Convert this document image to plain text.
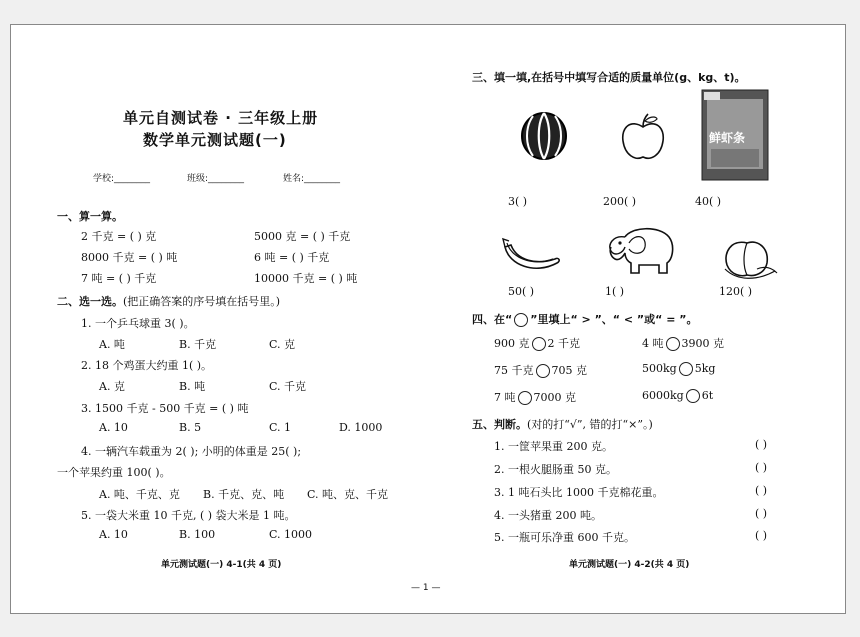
单元自测试卷 · 三年级上册
数学单元测试题(一)
学校:________	班级:________	姓名:________
一、算一算。
2 千克 = ( ) 克	5000 克 = ( ) 千克
8000 千克 = ( ) 吨	6 吨 = ( ) 千克
7 吨 = ( ) 千克	10000 千克 = ( ) 吨
二、选一选。(把正确答案的序号填在括号里。)
1. 一个乒乓球重 3( )。
A. 吨	B. 千克	C. 克
2. 18 个鸡蛋大约重 1( )。
A. 克	B. 吨	C. 千克
3. 1500 千克 - 500 千克 = ( ) 吨
A. 10	B. 5	C. 1	D. 1000
4. 一辆汽车载重为 2( ); 小明的体重是 25( );
一个苹果约重 100( )。
A. 吨、千克、克 B. 千克、克、吨 C. 吨、克、千克
5. 一袋大米重 10 千克, ( ) 袋大米是 1 吨。
A. 10	B. 100	C. 1000
单元测试题(一) 4-1(共 4 页)
三、填一填,在括号中填写合适的质量单位(g、kg、t)。
鲜虾条
3( )	200( )	40( )
50( )	1( )	120( )
四、在“ ”里填上“ > ”、“ < ”或“ = ”。
900 克 2 千克	4 吨 3900 克
75 千克 705 克	500kg 5kg
7 吨 7000 克	6000kg 6t
五、判断。(对的打“√”, 错的打“×”。)
1. 一筐苹果重 200 克。	( )
2. 一根火腿肠重 50 克。	( )
3. 1 吨石头比 1000 千克棉花重。	( )
4. 一头猪重 200 吨。	( )
5. 一瓶可乐净重 600 千克。	( )
单元测试题(一) 4-2(共 4 页)
— 1 —
